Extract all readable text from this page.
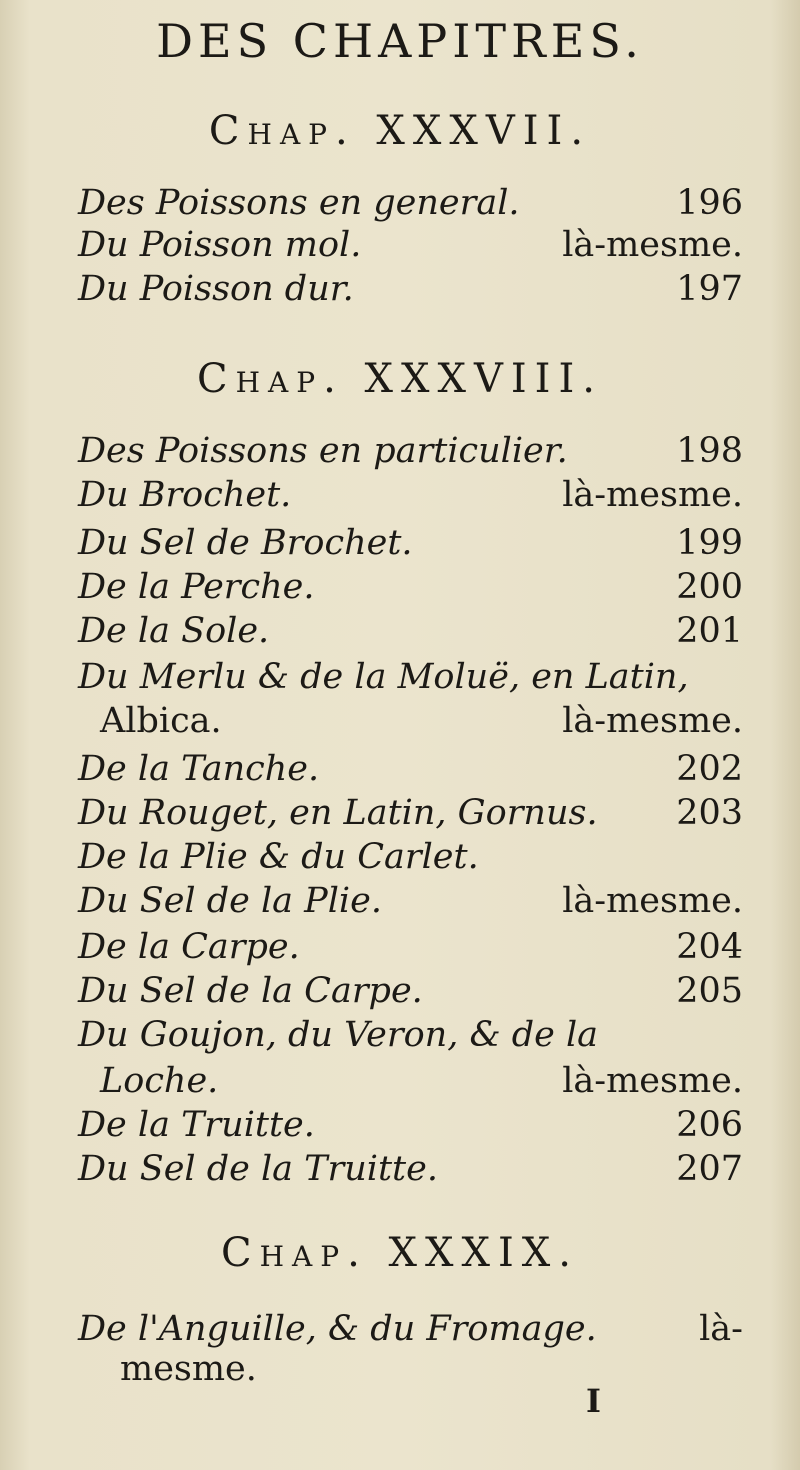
DES CHAPITRES.
Chap. XXXVII.
Des Poissons en general.	196
Du Poisson mol.	là-mesme.
Du Poisson dur.	197
Chap. XXXVIII.
Des Poissons en particulier.	198
Du Brochet.	là-mesme.
Du Sel de Brochet.	199
De la Perche.	200
De la Sole.	201
Du Merlu & de la Moluë, en Latin,
Albica.	là-mesme.
De la Tanche.	202
Du Rouget, en Latin, Gornus. 203
De la Plie & du Carlet.
Du Sel de la Plie.	là-mesme.
De la Carpe.	204
Du Sel de la Carpe.	205
Du Goujon, du Veron, & de la
Loche.	là-mesme.
De la Truitte.	206
Du Sel de la Truitte.	207
Chap. XXXIX.
De l'Anguille, & du Fromage.	là-
mesme.
I
